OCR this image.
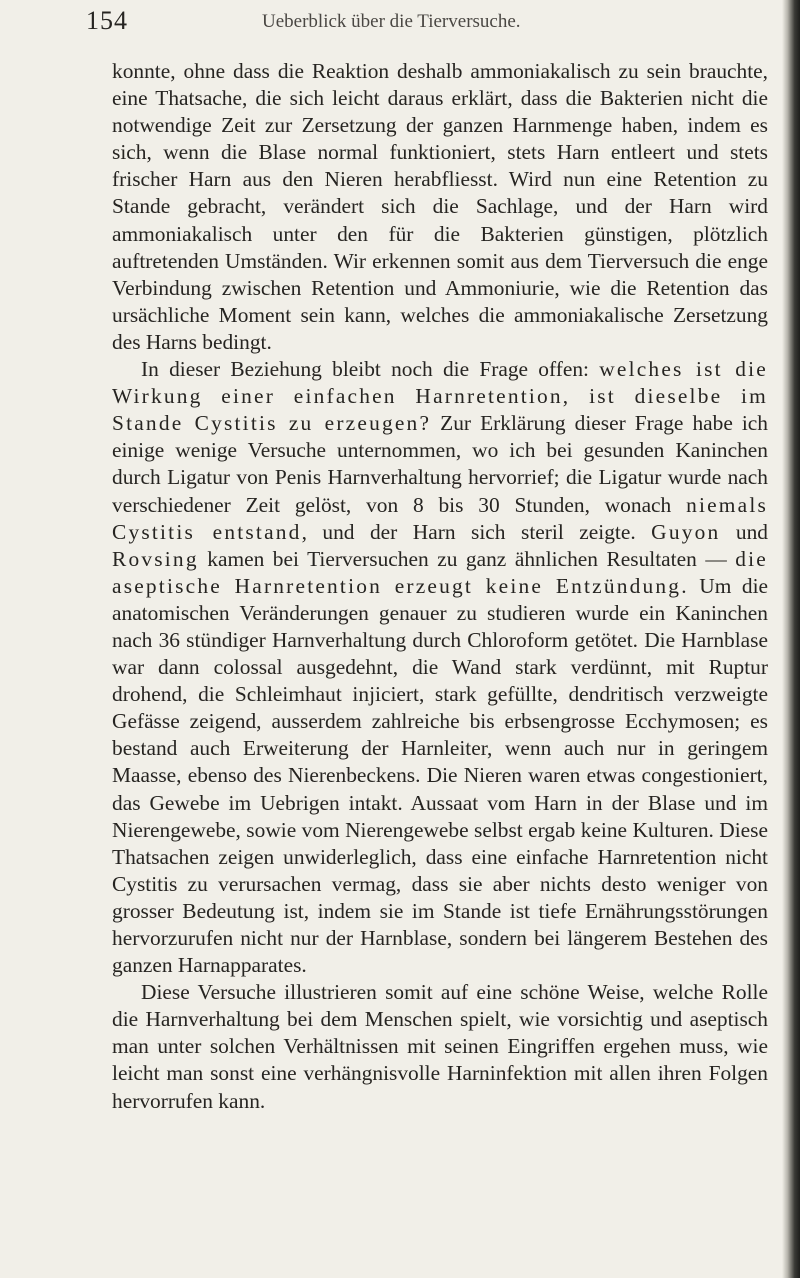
154	Ueberblick über die Tierversuche.

konnte, ohne dass die Reaktion deshalb ammoniakalisch zu sein brauchte, eine Thatsache, die sich leicht daraus erklärt, dass die Bakterien nicht die notwendige Zeit zur Zersetzung der ganzen Harnmenge haben, indem es sich, wenn die Blase normal funktioniert, stets Harn entleert und stets frischer Harn aus den Nieren herabfliesst. Wird nun eine Retention zu Stande gebracht, verändert sich die Sachlage, und der Harn wird ammoniakalisch unter den für die Bakterien günstigen, plötzlich auftretenden Umständen. Wir erkennen somit aus dem Tierversuch die enge Verbindung zwischen Retention und Ammoniurie, wie die Retention das ursächliche Moment sein kann, welches die ammoniakalische Zersetzung des Harns bedingt.

In dieser Beziehung bleibt noch die Frage offen: welches ist die Wirkung einer einfachen Harnretention, ist dieselbe im Stande Cystitis zu erzeugen? Zur Erklärung dieser Frage habe ich einige wenige Versuche unternommen, wo ich bei gesunden Kaninchen durch Ligatur von Penis Harnverhaltung hervorrief; die Ligatur wurde nach verschiedener Zeit gelöst, von 8 bis 30 Stunden, wonach niemals Cystitis entstand, und der Harn sich steril zeigte. Guyon und Rovsing kamen bei Tierversuchen zu ganz ähnlichen Resultaten — die aseptische Harnretention erzeugt keine Entzündung. Um die anatomischen Veränderungen genauer zu studieren wurde ein Kaninchen nach 36 stündiger Harnverhaltung durch Chloroform getötet. Die Harnblase war dann colossal ausgedehnt, die Wand stark verdünnt, mit Ruptur drohend, die Schleimhaut injiciert, stark gefüllte, dendritisch verzweigte Gefässe zeigend, ausserdem zahlreiche bis erbsengrosse Ecchymosen; es bestand auch Erweiterung der Harnleiter, wenn auch nur in geringem Maasse, ebenso des Nierenbeckens. Die Nieren waren etwas congestioniert, das Gewebe im Uebrigen intakt. Aussaat vom Harn in der Blase und im Nierengewebe, sowie vom Nierengewebe selbst ergab keine Kulturen. Diese Thatsachen zeigen unwiderleglich, dass eine einfache Harnretention nicht Cystitis zu verursachen vermag, dass sie aber nichts desto weniger von grosser Bedeutung ist, indem sie im Stande ist tiefe Ernährungsstörungen hervorzurufen nicht nur der Harnblase, sondern bei längerem Bestehen des ganzen Harnapparates.

Diese Versuche illustrieren somit auf eine schöne Weise, welche Rolle die Harnverhaltung bei dem Menschen spielt, wie vorsichtig und aseptisch man unter solchen Verhältnissen mit seinen Eingriffen ergehen muss, wie leicht man sonst eine verhängnisvolle Harninfektion mit allen ihren Folgen hervorrufen kann.
